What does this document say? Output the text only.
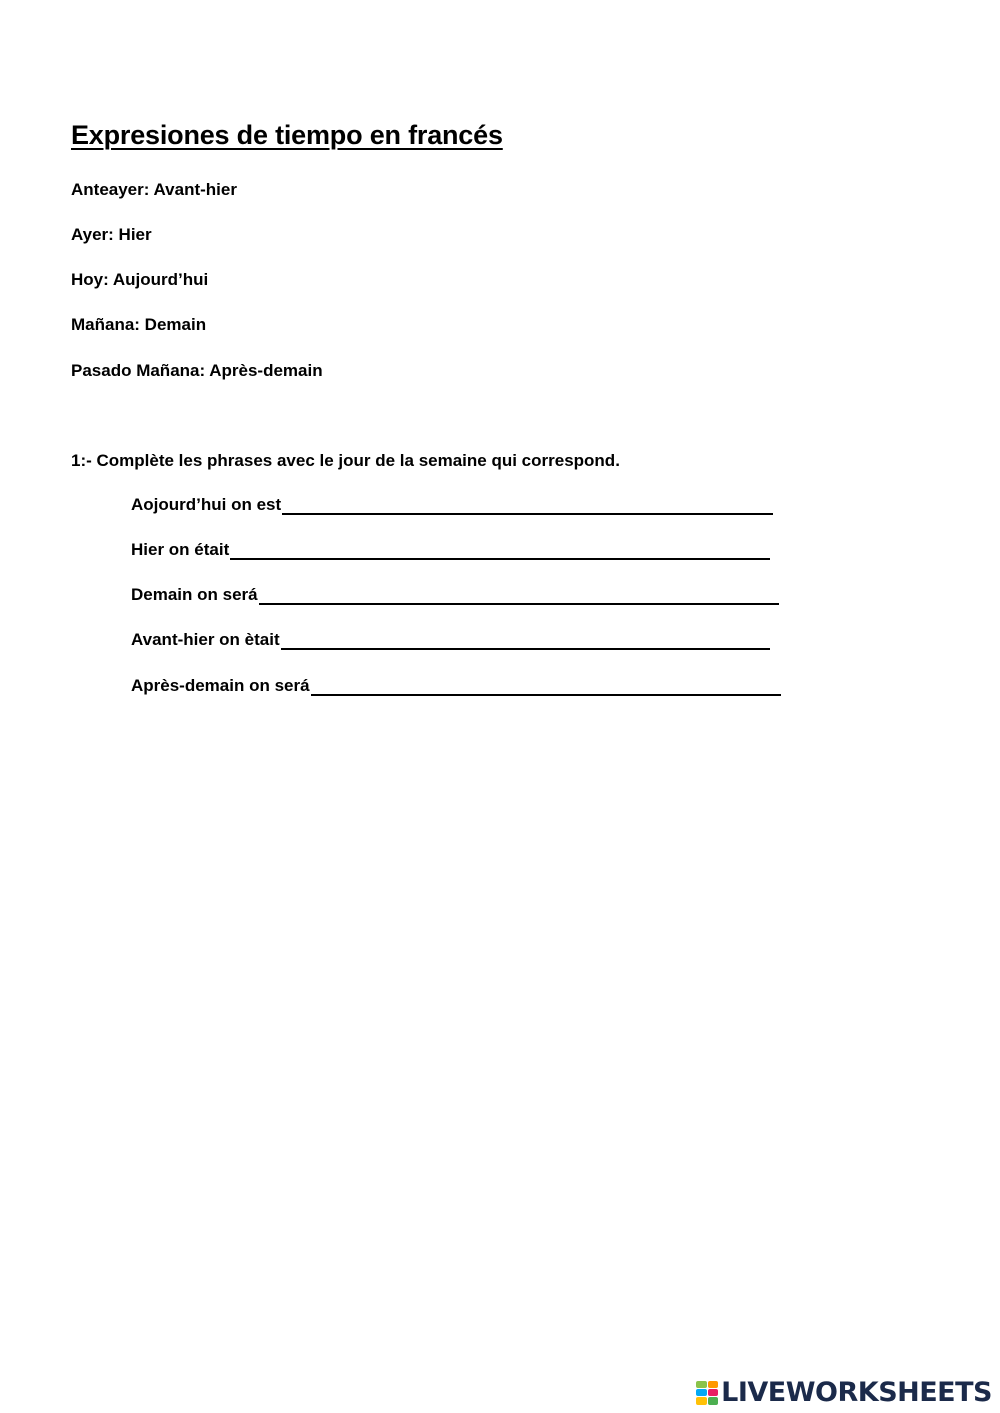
Expresiones de tiempo en francés
Anteayer: Avant-hier
Ayer: Hier
Hoy: Aujourd’hui
Mañana: Demain
Pasado Mañana: Après-demain
1:- Complète les phrases avec le jour de la semaine qui correspond.
Aojourd’hui on est
Hier on était
Demain on será
Avant-hier on ètait
Après-demain on será
LIVEWORKSHEETS
